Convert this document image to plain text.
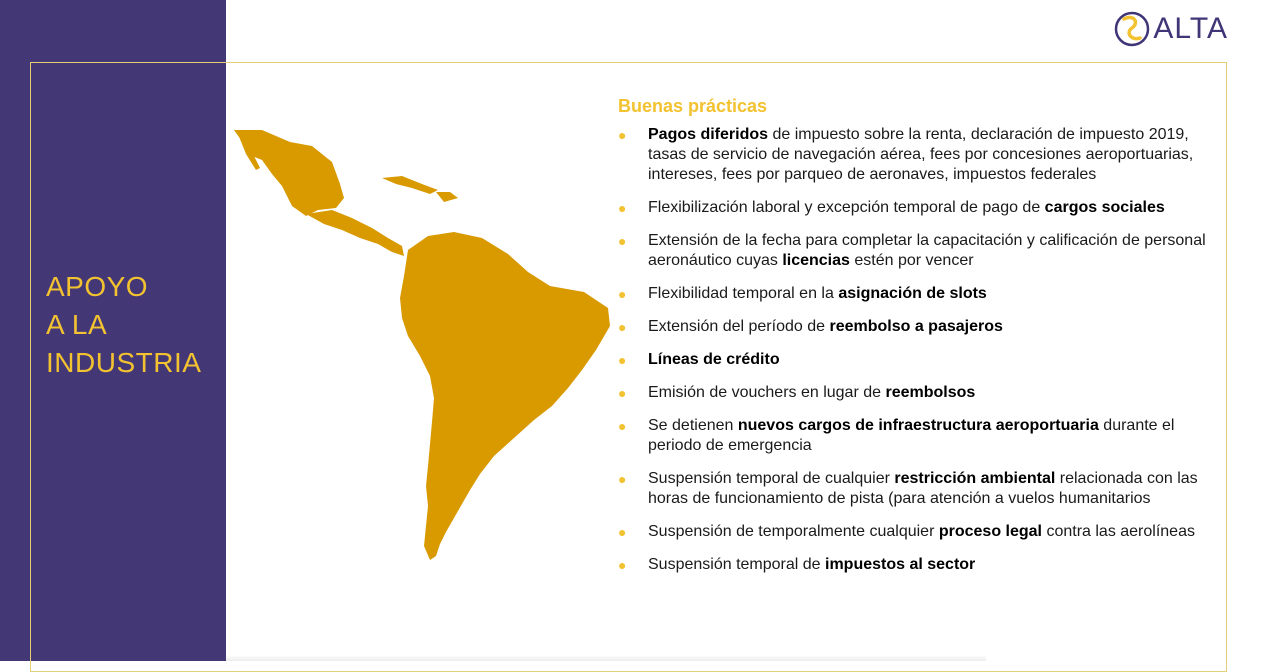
APOYO
A LA
INDUSTRIA
ALTA
Buenas prácticas
● Pagos diferidos de impuesto sobre la renta, declaración de impuesto 2019, tasas de servicio de navegación aérea, fees por concesiones aeroportuarias, intereses, fees por parqueo de aeronaves, impuestos federales
● Flexibilización laboral y excepción temporal de pago de cargos sociales
● Extensión de la fecha para completar la capacitación y calificación de personal aeronáutico cuyas licencias estén por vencer
● Flexibilidad temporal en la asignación de slots
● Extensión del período de reembolso a pasajeros
● Líneas de crédito
● Emisión de vouchers en lugar de reembolsos
● Se detienen nuevos cargos de infraestructura aeroportuaria durante el periodo de emergencia
● Suspensión temporal de cualquier restricción ambiental relacionada con las horas de funcionamiento de pista (para atención a vuelos humanitarios
● Suspensión de temporalmente cualquier proceso legal contra las aerolíneas
● Suspensión temporal de impuestos al sector
